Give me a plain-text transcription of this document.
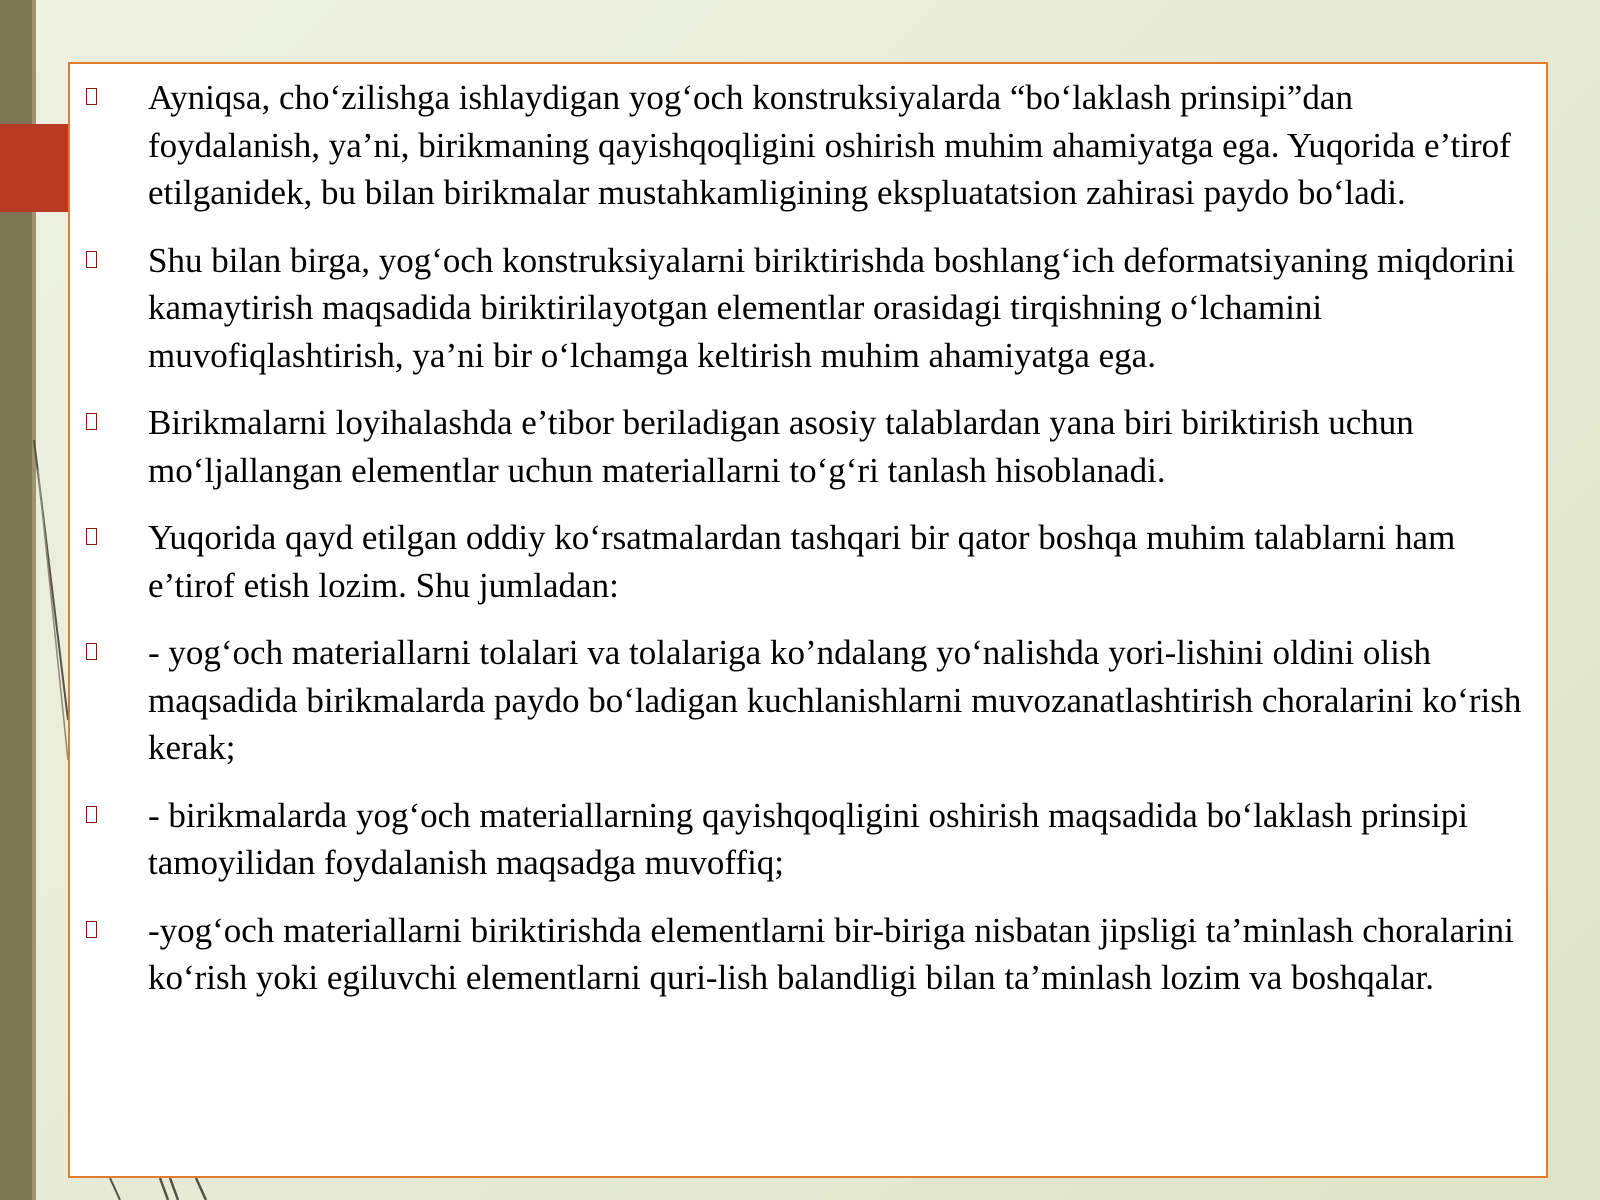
Ayniqsa, cho‘zilishga ishlaydigan yog‘och konstruksiyalarda “bo‘laklash prinsipi”dan foydalanish, ya’ni, birikmaning qayishqoqligini oshirish muhim ahamiyatga ega. Yuqorida e’tirof etilganidek, bu bilan birikmalar mustahkamligining ekspluatatsion zahirasi paydo bo‘ladi.
Shu bilan birga, yog‘och konstruksiyalarni biriktirishda boshlang‘ich deformatsiyaning miqdorini kamaytirish maqsadida biriktirilayotgan elementlar orasidagi tirqishning o‘lchamini muvofiqlashtirish, ya’ni bir o‘lchamga keltirish muhim ahamiyatga ega.
Birikmalarni loyihalashda e’tibor beriladigan asosiy talablardan yana biri biriktirish uchun mo‘ljallangan elementlar uchun materiallarni to‘g‘ri tanlash hisoblanadi.
Yuqorida qayd etilgan oddiy ko‘rsatmalardan tashqari bir qator boshqa muhim talablarni ham e’tirof etish lozim. Shu jumladan:
- yog‘och materiallarni tolalari va tolalariga ko’ndalang yo‘nalishda yori-lishini oldini olish maqsadida birikmalarda paydo bo‘ladigan kuchlanishlarni muvozanatlashtirish choralarini ko‘rish kerak;
- birikmalarda yog‘och materiallarning qayishqoqligini oshirish maqsadida bo‘laklash prinsipi tamoyilidan foydalanish maqsadga muvoffiq;
-yog‘och materiallarni biriktirishda elementlarni bir-biriga nisbatan jipsligi ta’minlash choralarini ko‘rish yoki egiluvchi elementlarni quri-lish balandligi bilan ta’minlash lozim va boshqalar.
